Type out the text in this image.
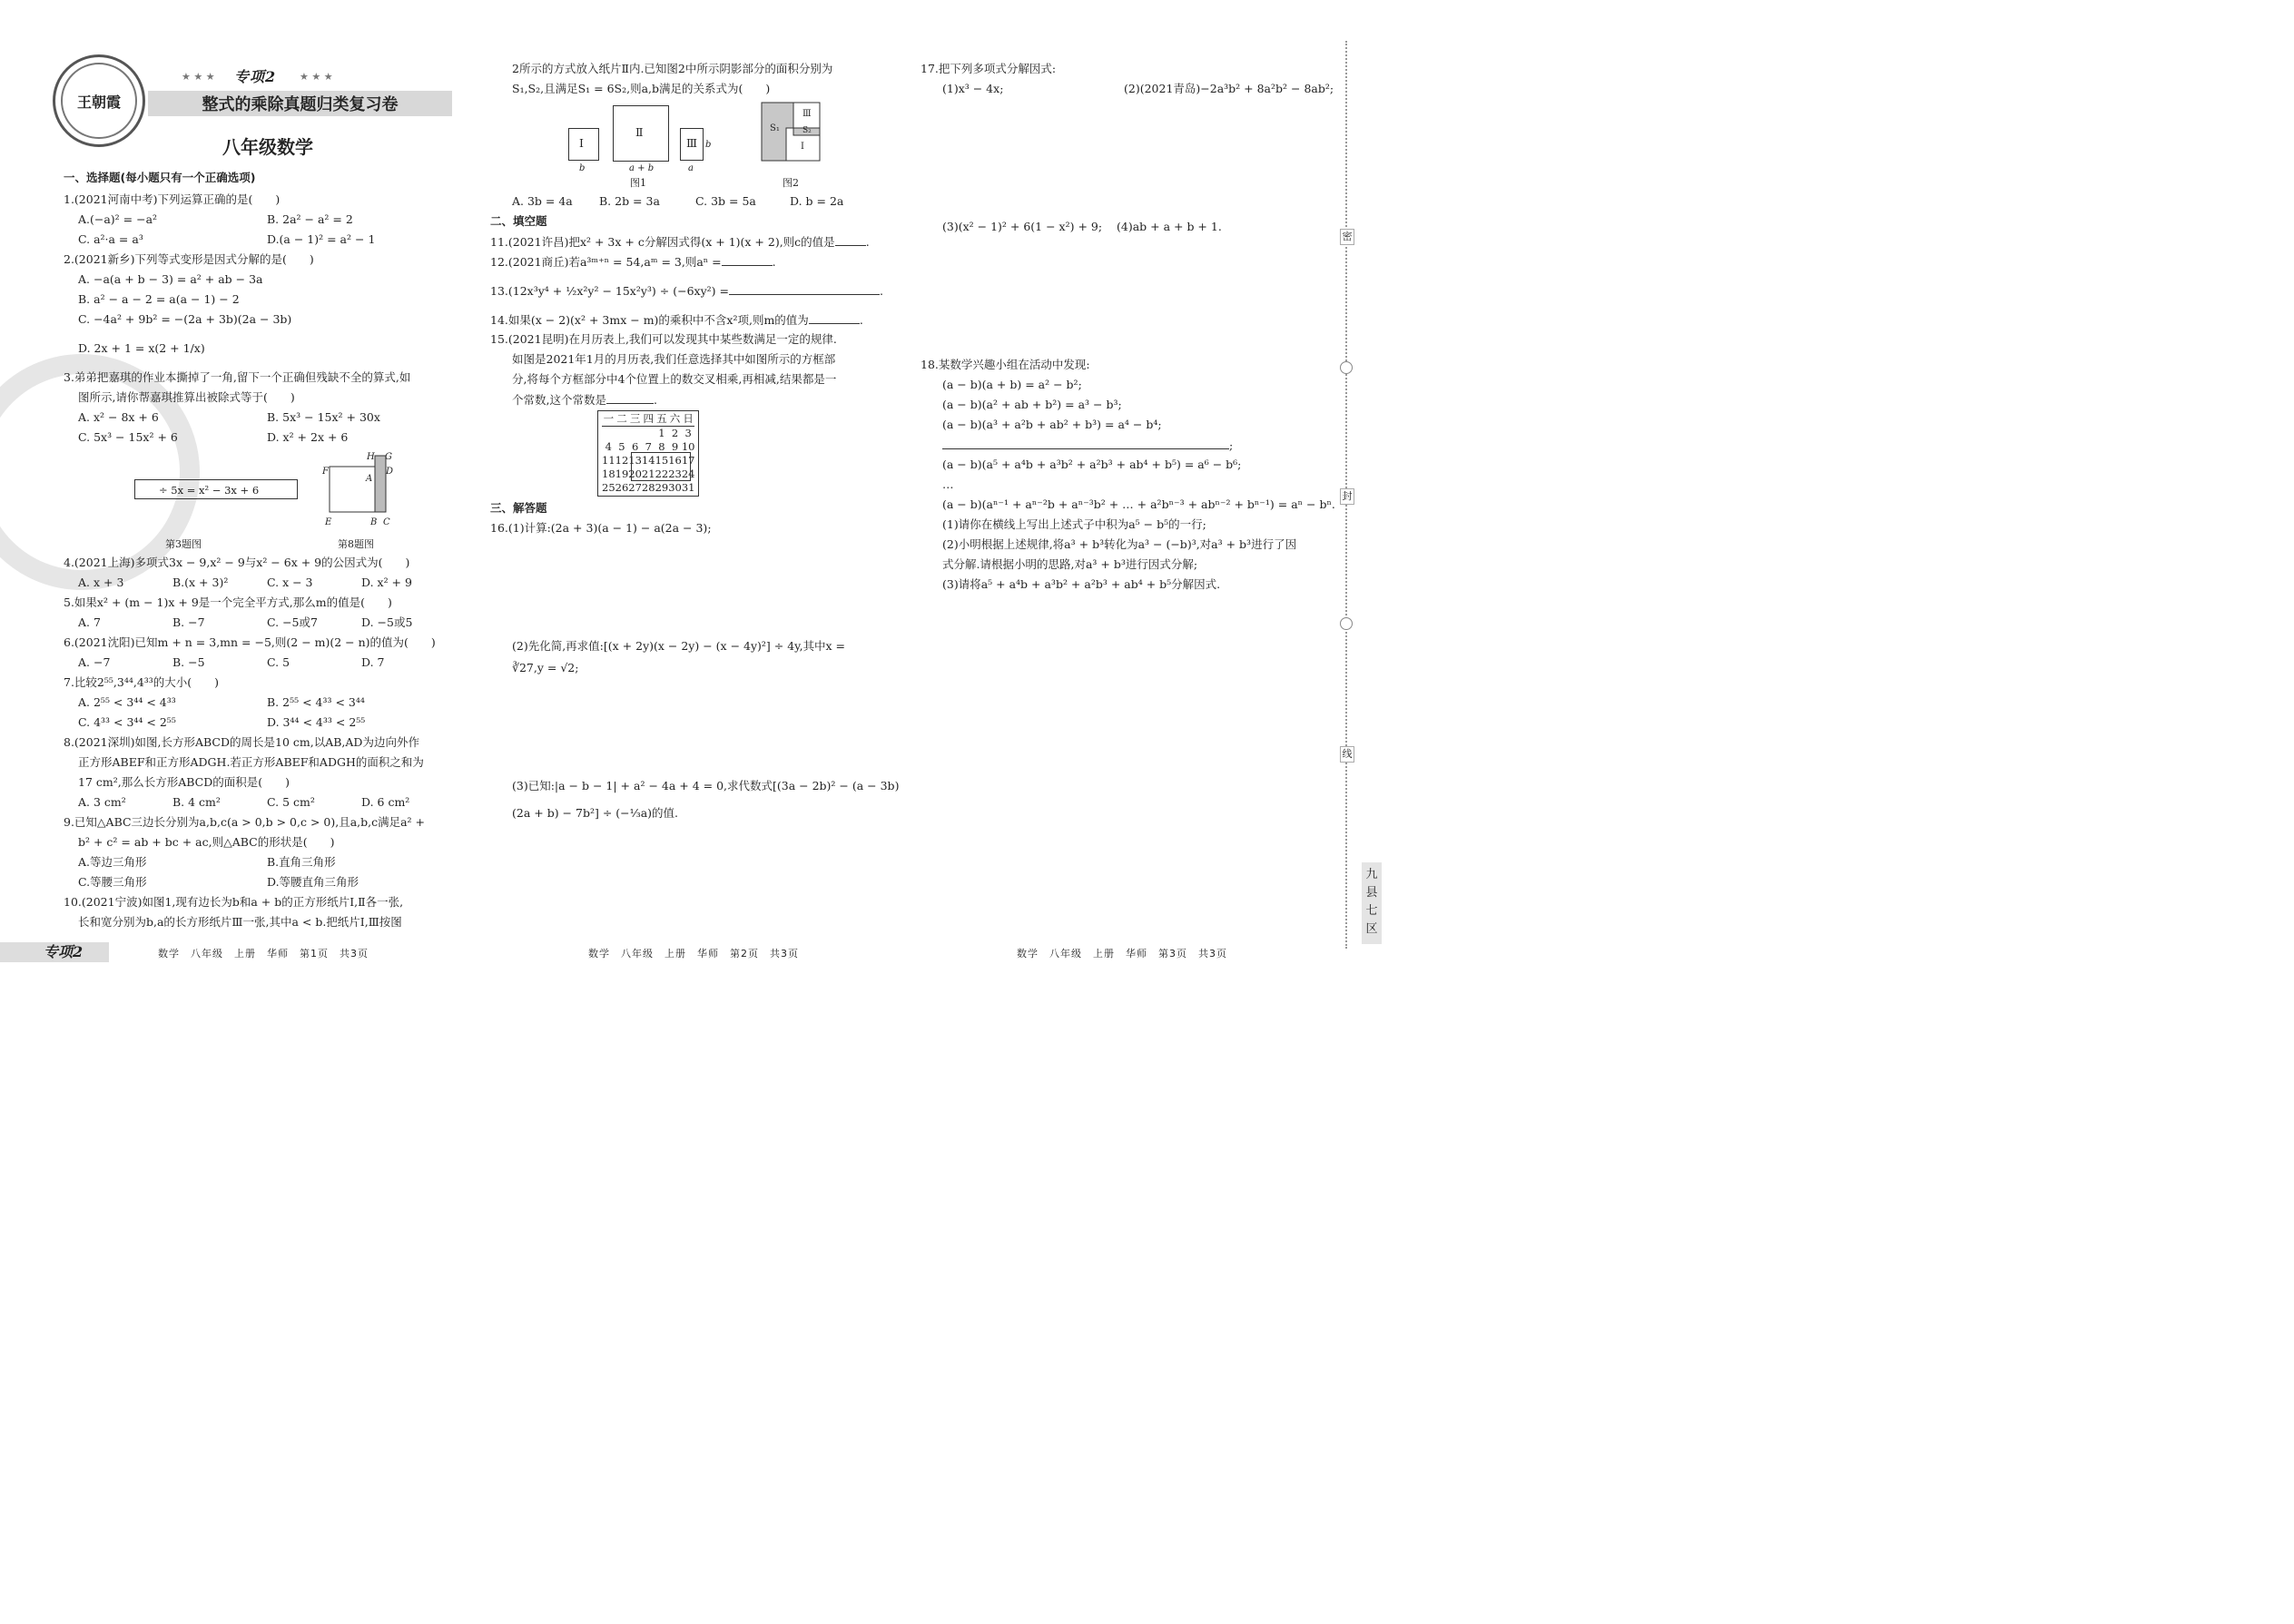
王朝霞
★ ★ ★ 专项2 ★ ★ ★
整式的乘除真题归类复习卷
八年级数学
一、选择题(每小题只有一个正确选项)
1.(2021河南中考)下列运算正确的是(　　)
A.(−a)² = −a²	B. 2a² − a² = 2
C. a²·a = a³	D.(a − 1)² = a² − 1
2.(2021新乡)下列等式变形是因式分解的是(　　)
A. −a(a + b − 3) = a² + ab − 3a
B. a² − a − 2 = a(a − 1) − 2
C. −4a² + 9b² = −(2a + 3b)(2a − 3b)
D. 2x + 1 = x(2 + 1/x)
3.弟弟把嘉琪的作业本撕掉了一角,留下一个正确但残缺不全的算式,如
图所示,请你帮嘉琪推算出被除式等于(　　)
A. x² − 8x + 6	B. 5x³ − 15x² + 30x
C. 5x³ − 15x² + 6	D. x² + 2x + 6
÷ 5x = x² − 3x + 6
第3题图
H G
F
A
D
E	B C
第8题图
4.(2021上海)多项式3x − 9,x² − 9与x² − 6x + 9的公因式为(　　)
A. x + 3	B.(x + 3)²	C. x − 3	D. x² + 9
5.如果x² + (m − 1)x + 9是一个完全平方式,那么m的值是(　　)
A. 7	B. −7	C. −5或7	D. −5或5
6.(2021沈阳)已知m + n = 3,mn = −5,则(2 − m)(2 − n)的值为(　　)
A. −7	B. −5	C. 5	D. 7
7.比较2⁵⁵,3⁴⁴,4³³的大小(　　)
A. 2⁵⁵ < 3⁴⁴ < 4³³	B. 2⁵⁵ < 4³³ < 3⁴⁴
C. 4³³ < 3⁴⁴ < 2⁵⁵	D. 3⁴⁴ < 4³³ < 2⁵⁵
8.(2021深圳)如图,长方形ABCD的周长是10 cm,以AB,AD为边向外作
正方形ABEF和正方形ADGH.若正方形ABEF和ADGH的面积之和为
17 cm²,那么长方形ABCD的面积是(　　)
A. 3 cm²	B. 4 cm²	C. 5 cm²	D. 6 cm²
9.已知△ABC三边长分别为a,b,c(a > 0,b > 0,c > 0),且a,b,c满足a² +
b² + c² = ab + bc + ac,则△ABC的形状是(　　)
A.等边三角形	B.直角三角形
C.等腰三角形	D.等腰直角三角形
10.(2021宁波)如图1,现有边长为b和a + b的正方形纸片Ⅰ,Ⅱ各一张,
长和宽分别为b,a的长方形纸片Ⅲ一张,其中a < b.把纸片Ⅰ,Ⅲ按图
专项2	数学　八年级　上册　华师　第1页　共3页
2所示的方式放入纸片Ⅱ内.已知图2中所示阴影部分的面积分别为
S₁,S₂,且满足S₁ = 6S₂,则a,b满足的关系式为(　　)
Ⅰ
Ⅱ
Ⅲ
b	a + b	a
b
图1
S₁
Ⅲ
S₂
Ⅰ
图2
A. 3b = 4a B. 2b = 3a	C. 3b = 5a	D. b = 2a
二、填空题
11.(2021许昌)把x² + 3x + c分解因式得(x + 1)(x + 2),则c的值是	.
12.(2021商丘)若a³ᵐ⁺ⁿ = 54,aᵐ = 3,则aⁿ =	.
13.(12x³y⁴ + ½x²y² − 15x²y³) ÷ (−6xy²) =	.
14.如果(x − 2)(x² + 3mx − m)的乘积中不含x²项,则m的值为	.
15.(2021昆明)在月历表上,我们可以发现其中某些数满足一定的规律.
如图是2021年1月的月历表,我们任意选择其中如图所示的方框部
分,将每个方框部分中4个位置上的数交叉相乘,再相减,结果都是一
个常数,这个常数是	.
一	二	三	四	五	六	日
				1	2	3
4	5	6	7	8	9	10
11	12	13	14	15	16	17
18	19	20	21	22	23	24
25	26	27	28	29	30	31
三、解答题
16.(1)计算:(2a + 3)(a − 1) − a(2a − 3);
(2)先化简,再求值:[(x + 2y)(x − 2y) − (x − 4y)²] ÷ 4y,其中x =
∛27,y = √2;
(3)已知:|a − b − 1| + a² − 4a + 4 = 0,求代数式[(3a − 2b)² − (a − 3b)
(2a + b) − 7b²] ÷ (−⅓a)的值.
数学　八年级　上册　华师　第2页　共3页
17.把下列多项式分解因式:
(1)x³ − 4x;	(2)(2021青岛)−2a³b² + 8a²b² − 8ab²;
(3)(x² − 1)² + 6(1 − x²) + 9; (4)ab + a + b + 1.
18.某数学兴趣小组在活动中发现:
(a − b)(a + b) = a² − b²;
(a − b)(a² + ab + b²) = a³ − b³;
(a − b)(a³ + a²b + ab² + b³) = a⁴ − b⁴;
;
(a − b)(a⁵ + a⁴b + a³b² + a²b³ + ab⁴ + b⁵) = a⁶ − b⁶;
…
(a − b)(aⁿ⁻¹ + aⁿ⁻²b + aⁿ⁻³b² + … + a²bⁿ⁻³ + abⁿ⁻² + bⁿ⁻¹) = aⁿ − bⁿ.
(1)请你在横线上写出上述式子中积为a⁵ − b⁵的一行;
(2)小明根据上述规律,将a³ + b³转化为a³ − (−b)³,对a³ + b³进行了因
式分解.请根据小明的思路,对a³ + b³进行因式分解;
(3)请将a⁵ + a⁴b + a³b² + a²b³ + ab⁴ + b⁵分解因式.
数学　八年级　上册　华师　第3页　共3页
密
封
线
九县七区
